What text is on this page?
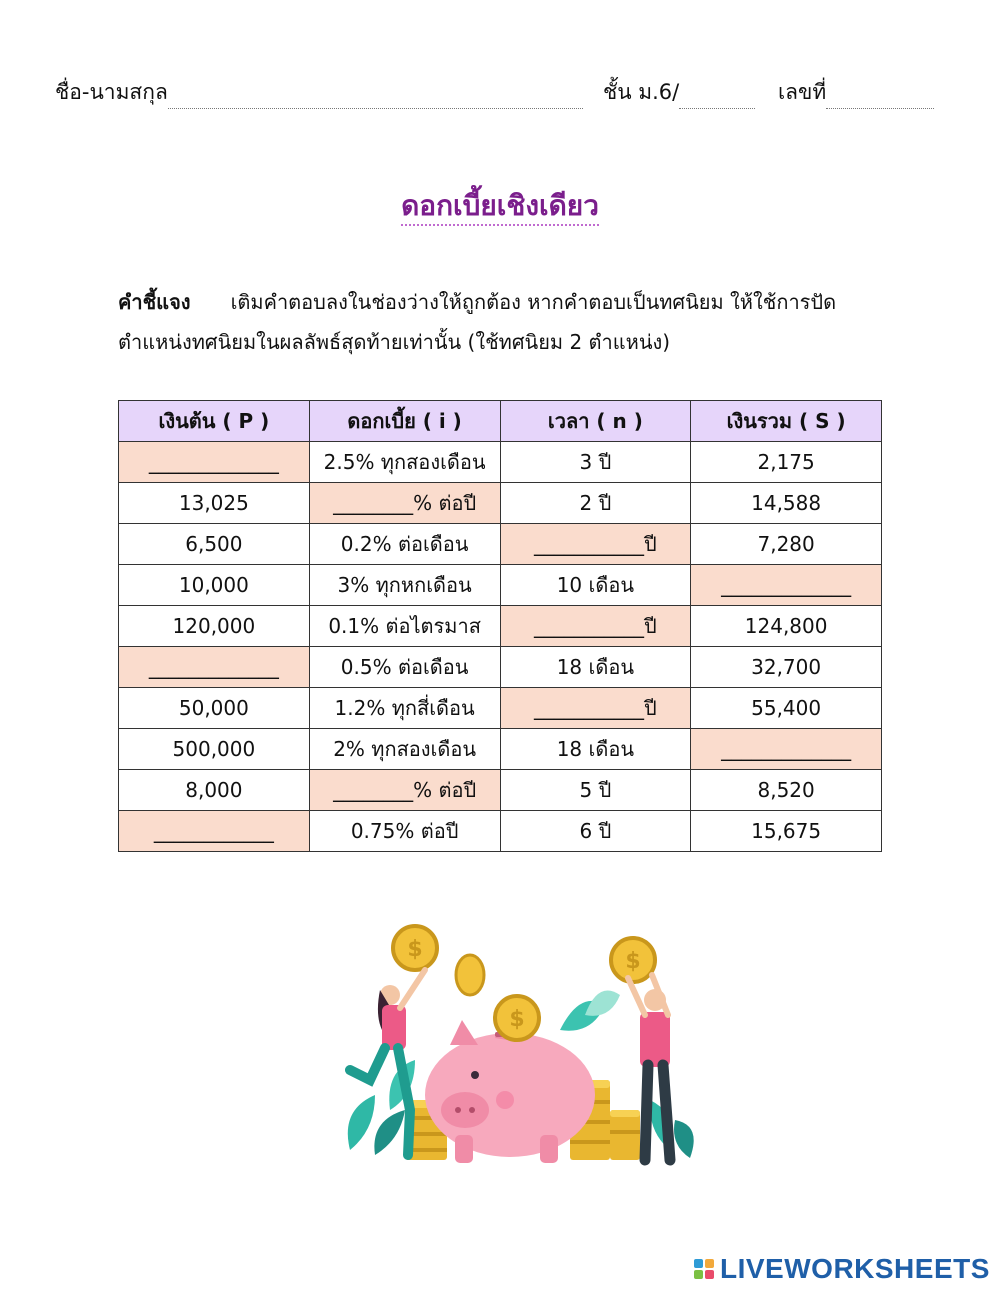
ชื่อ-นามสกุล	ชั้น ม.6/	เลขที่
ดอกเบี้ยเชิงเดียว
คำชี้แจง เติมคำตอบลงในช่องว่างให้ถูกต้อง หากคำตอบเป็นทศนิยม ให้ใช้การปัดตำแหน่งทศนิยมในผลลัพธ์สุดท้ายเท่านั้น (ใช้ทศนิยม 2 ตำแหน่ง)
เงินต้น ( P )	ดอกเบี้ย ( i )	เวลา ( n )	เงินรวม ( S )
_____________	2.5% ทุกสองเดือน	3 ปี	2,175
13,025	________% ต่อปี	2 ปี	14,588
6,500	0.2% ต่อเดือน	___________ปี	7,280
10,000	3% ทุกหกเดือน	10 เดือน	_____________
120,000	0.1% ต่อไตรมาส	___________ปี	124,800
_____________	0.5% ต่อเดือน	18 เดือน	32,700
50,000	1.2% ทุกสี่เดือน	___________ปี	55,400
500,000	2% ทุกสองเดือน	18 เดือน	_____________
8,000	________% ต่อปี	5 ปี	8,520
____________	0.75% ต่อปี	6 ปี	15,675
$
$
$
LIVEWORKSHEETS
